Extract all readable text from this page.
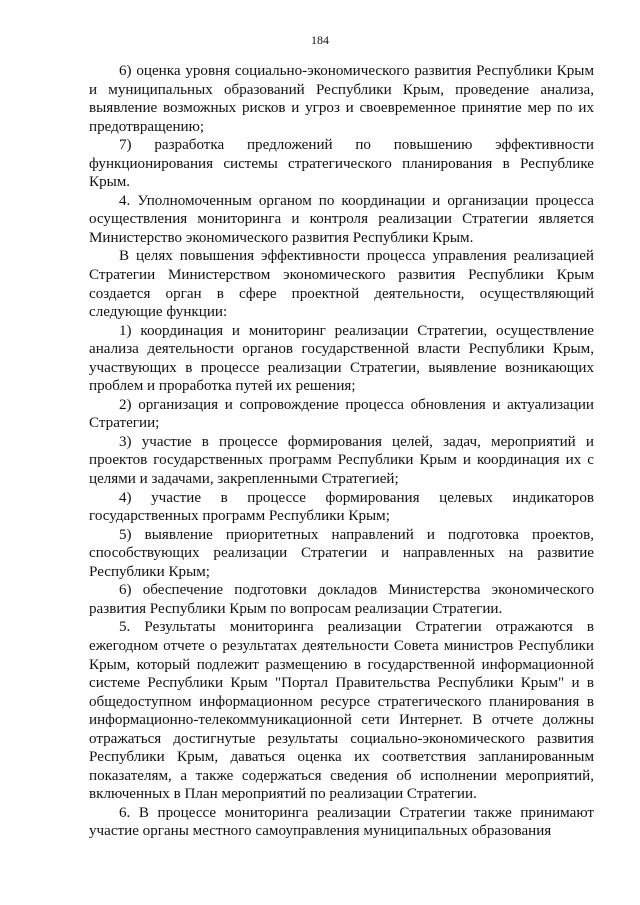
184

6) оценка уровня социально-экономического развития Республики Крым и муниципальных образований Республики Крым, проведение анализа, выявление возможных рисков и угроз и своевременное принятие мер по их предотвращению;

7) разработка предложений по повышению эффективности функционирования системы стратегического планирования в Республике Крым.

4. Уполномоченным органом по координации и организации процесса осуществления мониторинга и контроля реализации Стратегии является Министерство экономического развития Республики Крым.

В целях повышения эффективности процесса управления реализацией Стратегии Министерством экономического развития Республики Крым создается орган в сфере проектной деятельности, осуществляющий следующие функции:

1) координация и мониторинг реализации Стратегии, осуществление анализа деятельности органов государственной власти Республики Крым, участвующих в процессе реализации Стратегии, выявление возникающих проблем и проработка путей их решения;

2) организация и сопровождение процесса обновления и актуализации Стратегии;

3) участие в процессе формирования целей, задач, мероприятий и проектов государственных программ Республики Крым и координация их с целями и задачами, закрепленными Стратегией;

4) участие в процессе формирования целевых индикаторов государственных программ Республики Крым;

5) выявление приоритетных направлений и подготовка проектов, способствующих реализации Стратегии и направленных на развитие Республики Крым;

6) обеспечение подготовки докладов Министерства экономического развития Республики Крым по вопросам реализации Стратегии.

5. Результаты мониторинга реализации Стратегии отражаются в ежегодном отчете о результатах деятельности Совета министров Республики Крым, который подлежит размещению в государственной информационной системе Республики Крым "Портал Правительства Республики Крым" и в общедоступном информационном ресурсе стратегического планирования в информационно-телекоммуникационной сети Интернет. В отчете должны отражаться достигнутые результаты социально-экономического развития Республики Крым, даваться оценка их соответствия запланированным показателям, а также содержаться сведения об исполнении мероприятий, включенных в План мероприятий по реализации Стратегии.

6. В процессе мониторинга реализации Стратегии также принимают участие органы местного самоуправления муниципальных образования
